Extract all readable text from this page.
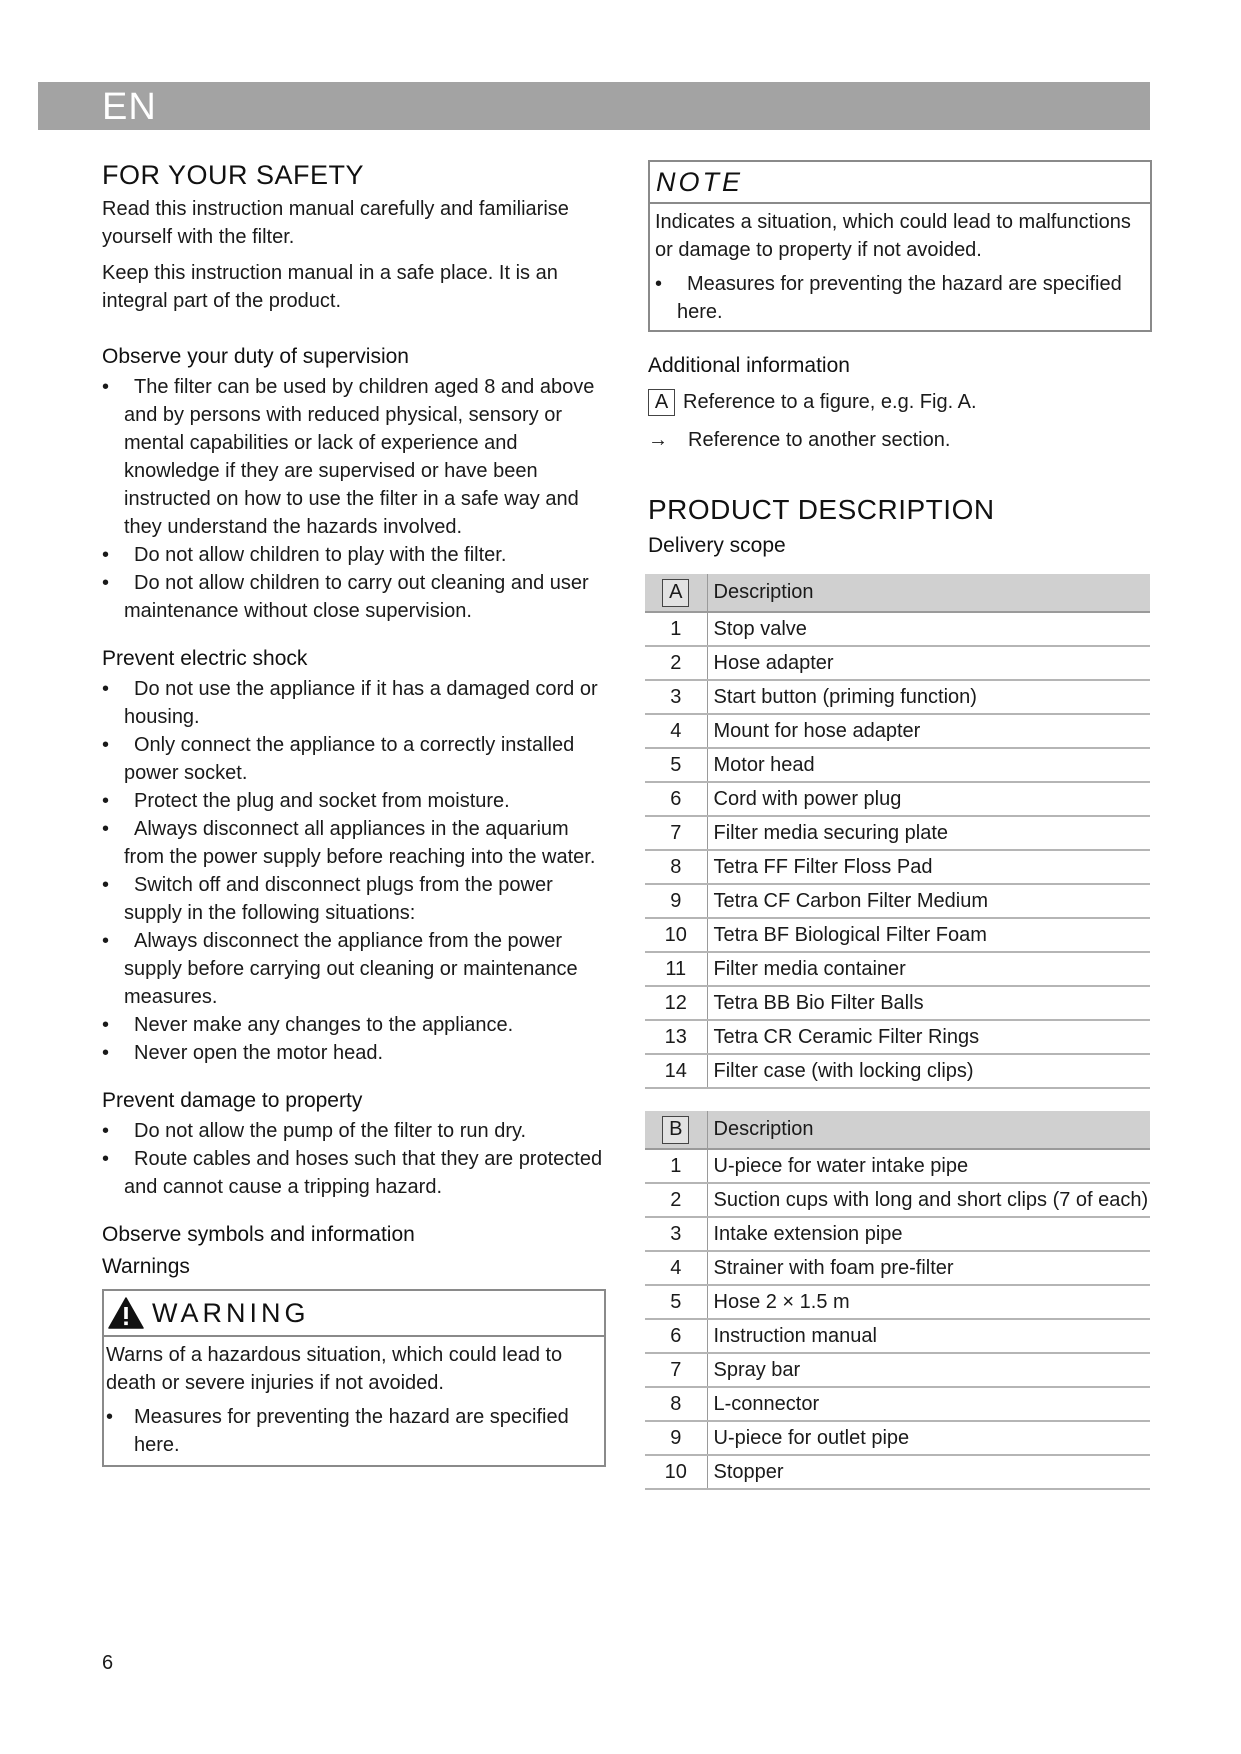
EN
FOR YOUR SAFETY

Read this instruction manual carefully and familiarise yourself with the filter.

Keep this instruction manual in a safe place. It is an integral part of the product.

Observe your duty of supervision
• The filter can be used by children aged 8 and above and by persons with reduced physical, sensory or mental capabilities or lack of experience and knowledge if they are supervised or have been instructed on how to use the filter in a safe way and they understand the hazards involved.
• Do not allow children to play with the filter.
• Do not allow children to carry out cleaning and user maintenance without close supervision.
Prevent electric shock
• Do not use the appliance if it has a damaged cord or housing.
• Only connect the appliance to a correctly installed power socket.
• Protect the plug and socket from moisture.
• Always disconnect all appliances in the aquarium from the power supply before reaching into the water.
• Switch off and disconnect plugs from the power supply in the following situations:
• Always disconnect the appliance from the power supply before carrying out cleaning or maintenance measures.
• Never make any changes to the appliance.
• Never open the motor head.
Prevent damage to property
• Do not allow the pump of the filter to run dry.
• Route cables and hoses such that they are protected and cannot cause a tripping hazard.
Observe symbols and information
Warnings
WARNING

Warns of a hazardous situation, which could lead to death or severe injuries if not avoided.

• Measures for preventing the hazard are specified here.
NOTE

Indicates a situation, which could lead to malfunctions or damage to property if not avoided.

• Measures for preventing the hazard are specified here.
Additional information
A Reference to a figure, e.g. Fig. A.
→	Reference to another section.
PRODUCT DESCRIPTION
Delivery scope
A	Description
1	Stop valve
2	Hose adapter
3	Start button (priming function)
4	Mount for hose adapter
5	Motor head
6	Cord with power plug
7	Filter media securing plate
8	Tetra FF Filter Floss Pad
9	Tetra CF Carbon Filter Medium
10	Tetra BF Biological Filter Foam
11	Filter media container
12	Tetra BB Bio Filter Balls
13	Tetra CR Ceramic Filter Rings
14	Filter case (with locking clips)
B	Description
1	U-piece for water intake pipe
2	Suction cups with long and short clips (7 of each)
3	Intake extension pipe
4	Strainer with foam pre-filter
5	Hose 2 × 1.5 m
6	Instruction manual
7	Spray bar
8	L-connector
9	U-piece for outlet pipe
10	Stopper
6
